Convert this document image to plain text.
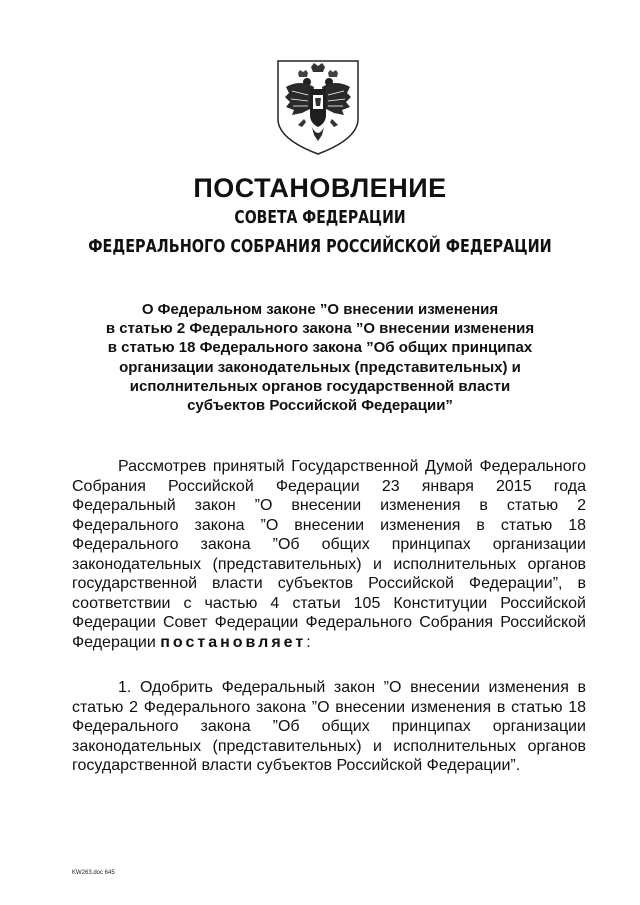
ПОСТАНОВЛЕНИЕ
СОВЕТА ФЕДЕРАЦИИ
ФЕДЕРАЛЬНОГО СОБРАНИЯ РОССИЙСКОЙ ФЕДЕРАЦИИ
О Федеральном законе ”О внесении изменения
в статью 2 Федерального закона ”О внесении изменения
в статью 18 Федерального закона ”Об общих принципах
организации законодательных (представительных) и
исполнительных органов государственной власти
субъектов Российской Федерации”
Рассмотрев принятый Государственной Думой Федерального
Собрания Российской Федерации 23 января 2015 года
Федеральный закон ”О внесении изменения в статью 2
Федерального закона ”О внесении изменения в статью 18
Федерального закона ”Об общих принципах организации
законодательных (представительных) и исполнительных органов
государственной власти субъектов Российской Федерации”, в
соответствии с частью 4 статьи 105 Конституции Российской
Федерации Совет Федерации Федерального Собрания Российской
Федерации постановляет:
1. Одобрить Федеральный закон ”О внесении изменения в
статью 2 Федерального закона ”О внесении изменения в статью 18
Федерального закона ”Об общих принципах организации
законодательных (представительных) и исполнительных органов
государственной власти субъектов Российской Федерации”.
KW263.doc 645
